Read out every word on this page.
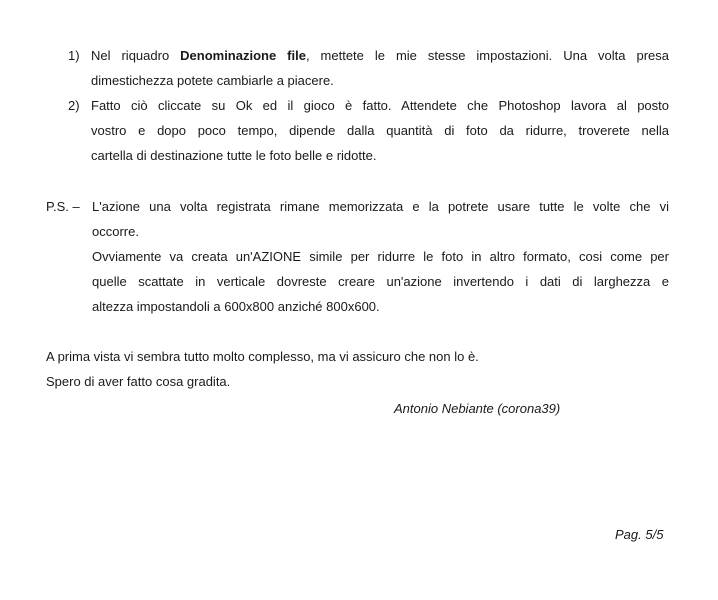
1) Nel riquadro Denominazione file, mettete le mie stesse impostazioni. Una volta presa
dimestichezza potete cambiarle a piacere.
2) Fatto ciò cliccate su Ok ed il gioco è fatto. Attendete che Photoshop lavora al posto
vostro e dopo poco tempo, dipende dalla quantità di foto da ridurre, troverete nella
cartella di destinazione tutte le foto belle e ridotte.
P.S. – L'azione una volta registrata rimane memorizzata e la potrete usare tutte le volte che vi
occorre.
Ovviamente va creata un'AZIONE simile per ridurre le foto in altro formato, cosi come per
quelle scattate in verticale dovreste creare un'azione invertendo i dati di larghezza e
altezza impostandoli a 600x800 anziché 800x600.
A prima vista vi sembra tutto molto complesso, ma vi assicuro che non lo è.
Spero di aver fatto cosa gradita.
Antonio Nebiante (corona39)
Pag. 5/5
